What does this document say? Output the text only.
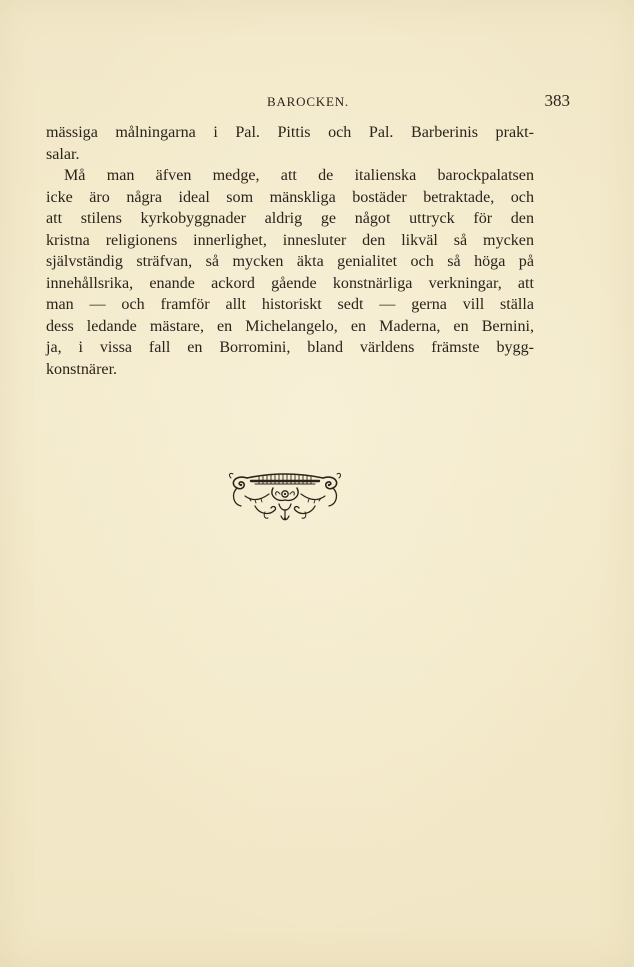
BAROCKEN.	383
mässiga målningarna i Pal. Pittis och Pal. Barberinis prakt-
salar.
Må man äfven medge, att de italienska barockpalatsen
icke äro några ideal som mänskliga bostäder betraktade, och
att stilens kyrkobyggnader aldrig ge något uttryck för den
kristna religionens innerlighet, innesluter den likväl så mycken
självständig sträfvan, så mycken äkta genialitet och så höga på
innehållsrika, enande ackord gående konstnärliga verkningar, att
man — och framför allt historiskt sedt — gerna vill ställa
dess ledande mästare, en Michelangelo, en Maderna, en Bernini,
ja, i vissa fall en Borromini, bland världens främste bygg-
konstnärer.
